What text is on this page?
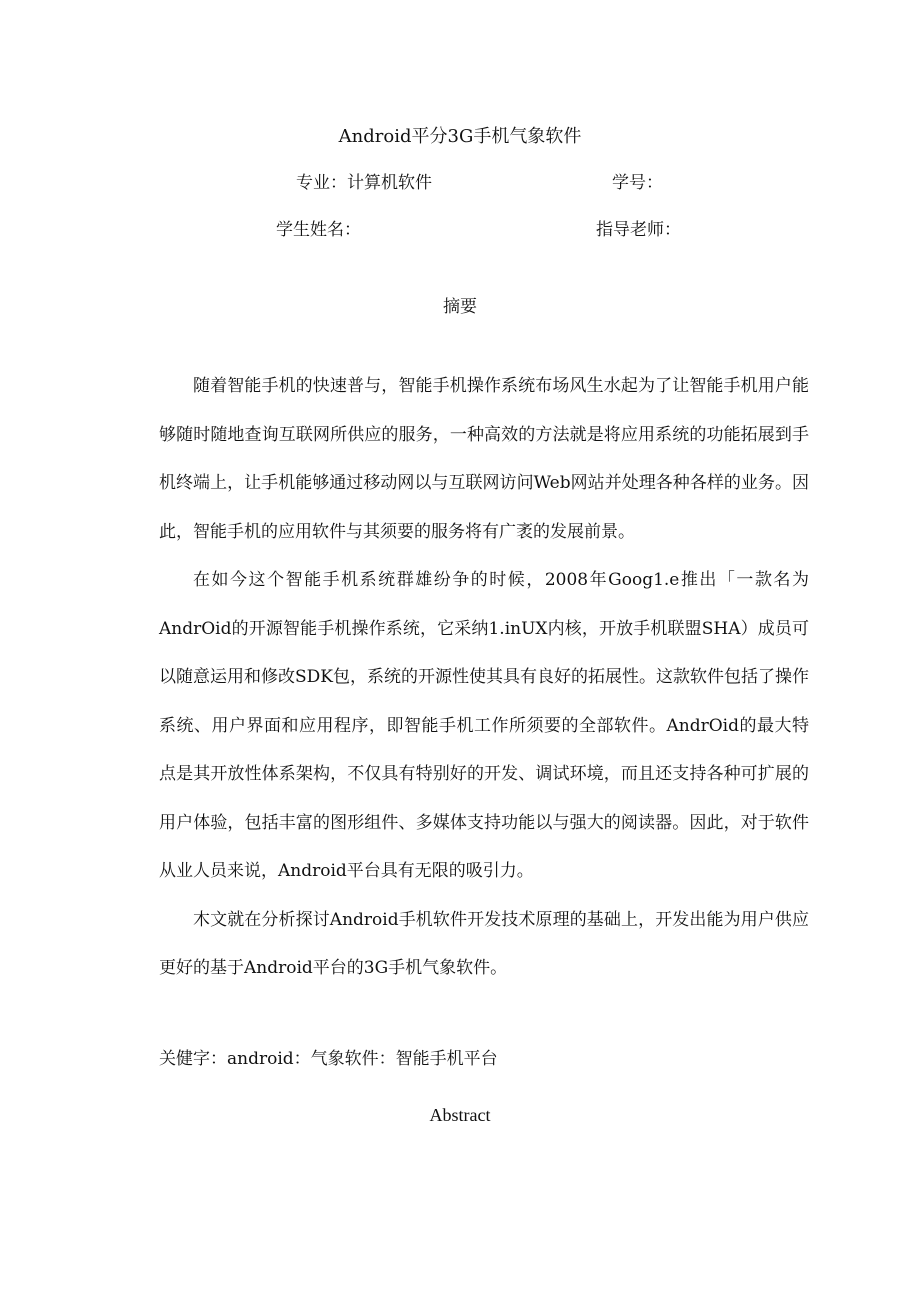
Android平分3G手机气象软件
专业：计算机软件	学号：
学生姓名：	指导老师：
摘要

随着智能手机的快速普与，智能手机操作系统布场风生水起为了让智能手机用户能够随时随地查询互联网所供应的服务，一种高效的方法就是将应用系统的功能拓展到手机终端上，让手机能够通过移动网以与互联网访问Web网站并处理各种各样的业务。因此，智能手机的应用软件与其须要的服务将有广袤的发展前景。

在如今这个智能手机系统群雄纷争的时候，2008年Goog1.e推出「一款名为AndrOid的开源智能手机操作系统，它采纳1.inUX内核，开放手机联盟SHA）成员可以随意运用和修改SDK包，系统的开源性使其具有良好的拓展性。这款软件包括了操作系统、用户界面和应用程序，即智能手机工作所须要的全部软件。AndrOid的最大特点是其开放性体系架构，不仅具有特别好的开发、调试环境，而且还支持各种可扩展的用户体验，包括丰富的图形组件、多媒体支持功能以与强大的阅读器。因此，对于软件从业人员来说，Android平台具有无限的吸引力。

木文就在分析探讨Android手机软件开发技术原理的基础上，开发出能为用户供应更好的基于Android平台的3G手机气象软件。

关健字：android：气象软件：智能手机平台
Abstract
